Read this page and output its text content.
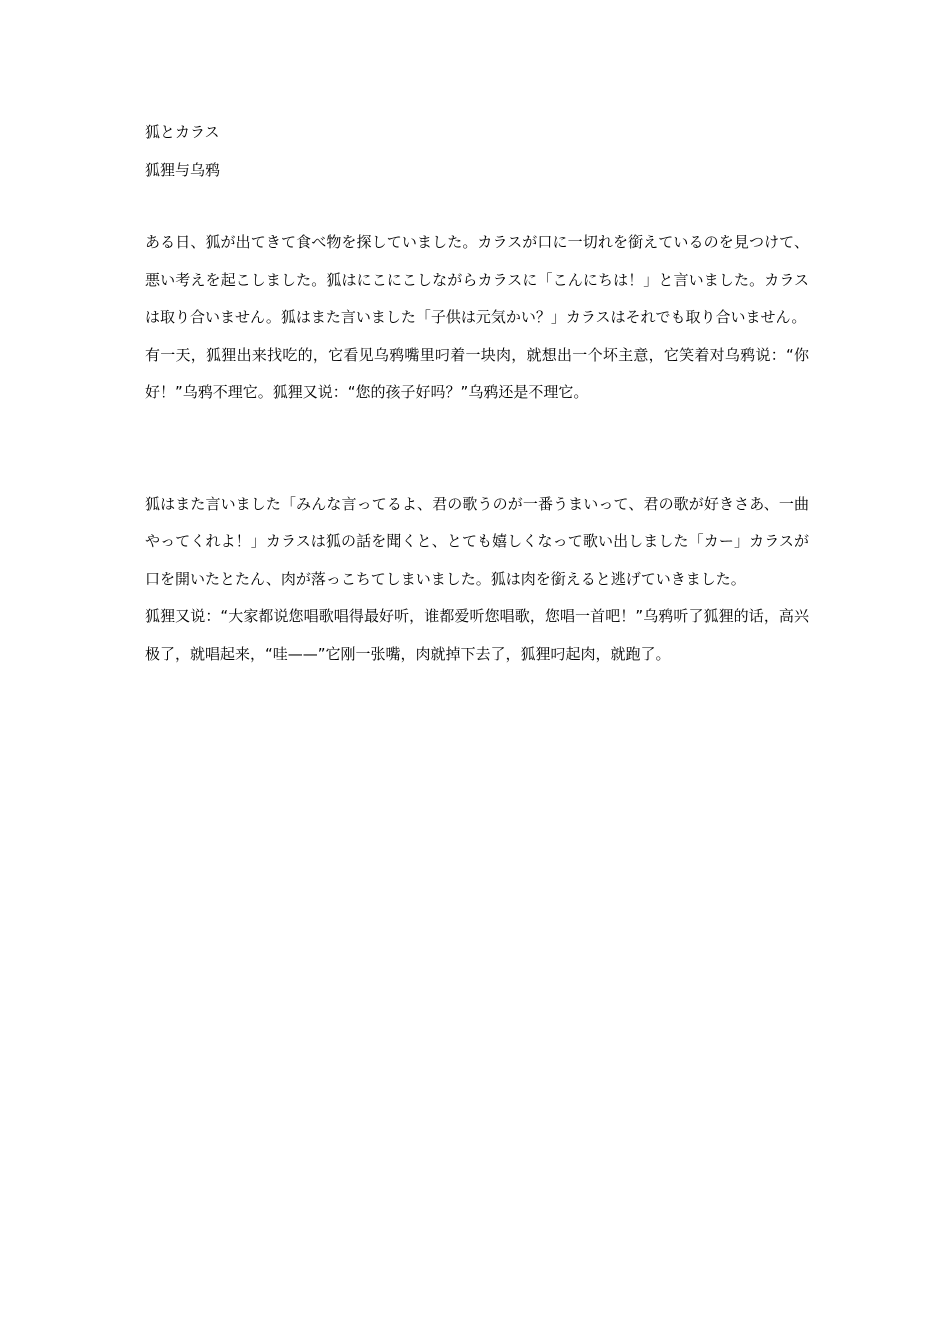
狐とカラス

狐狸与乌鸦

ある日、狐が出てきて食べ物を探していました。カラスが口に一切れを銜えているのを見つけて、悪い考えを起こしました。狐はにこにこしながらカラスに「こんにちは！」と言いました。カラスは取り合いません。狐はまた言いました「子供は元気かい？」カラスはそれでも取り合いません。

有一天，狐狸出来找吃的，它看见乌鸦嘴里叼着一块肉，就想出一个坏主意，它笑着对乌鸦说：“你好！”乌鸦不理它。狐狸又说：“您的孩子好吗？”乌鸦还是不理它。

狐はまた言いました「みんな言ってるよ、君の歌うのが一番うまいって、君の歌が好きさあ、一曲やってくれよ！」カラスは狐の話を聞くと、とても嬉しくなって歌い出しました「カー」カラスが口を開いたとたん、肉が落っこちてしまいました。狐は肉を銜えると逃げていきました。

狐狸又说：“大家都说您唱歌唱得最好听，谁都爱听您唱歌，您唱一首吧！”乌鸦听了狐狸的话，高兴极了，就唱起来，“哇——”它刚一张嘴，肉就掉下去了，狐狸叼起肉，就跑了。
